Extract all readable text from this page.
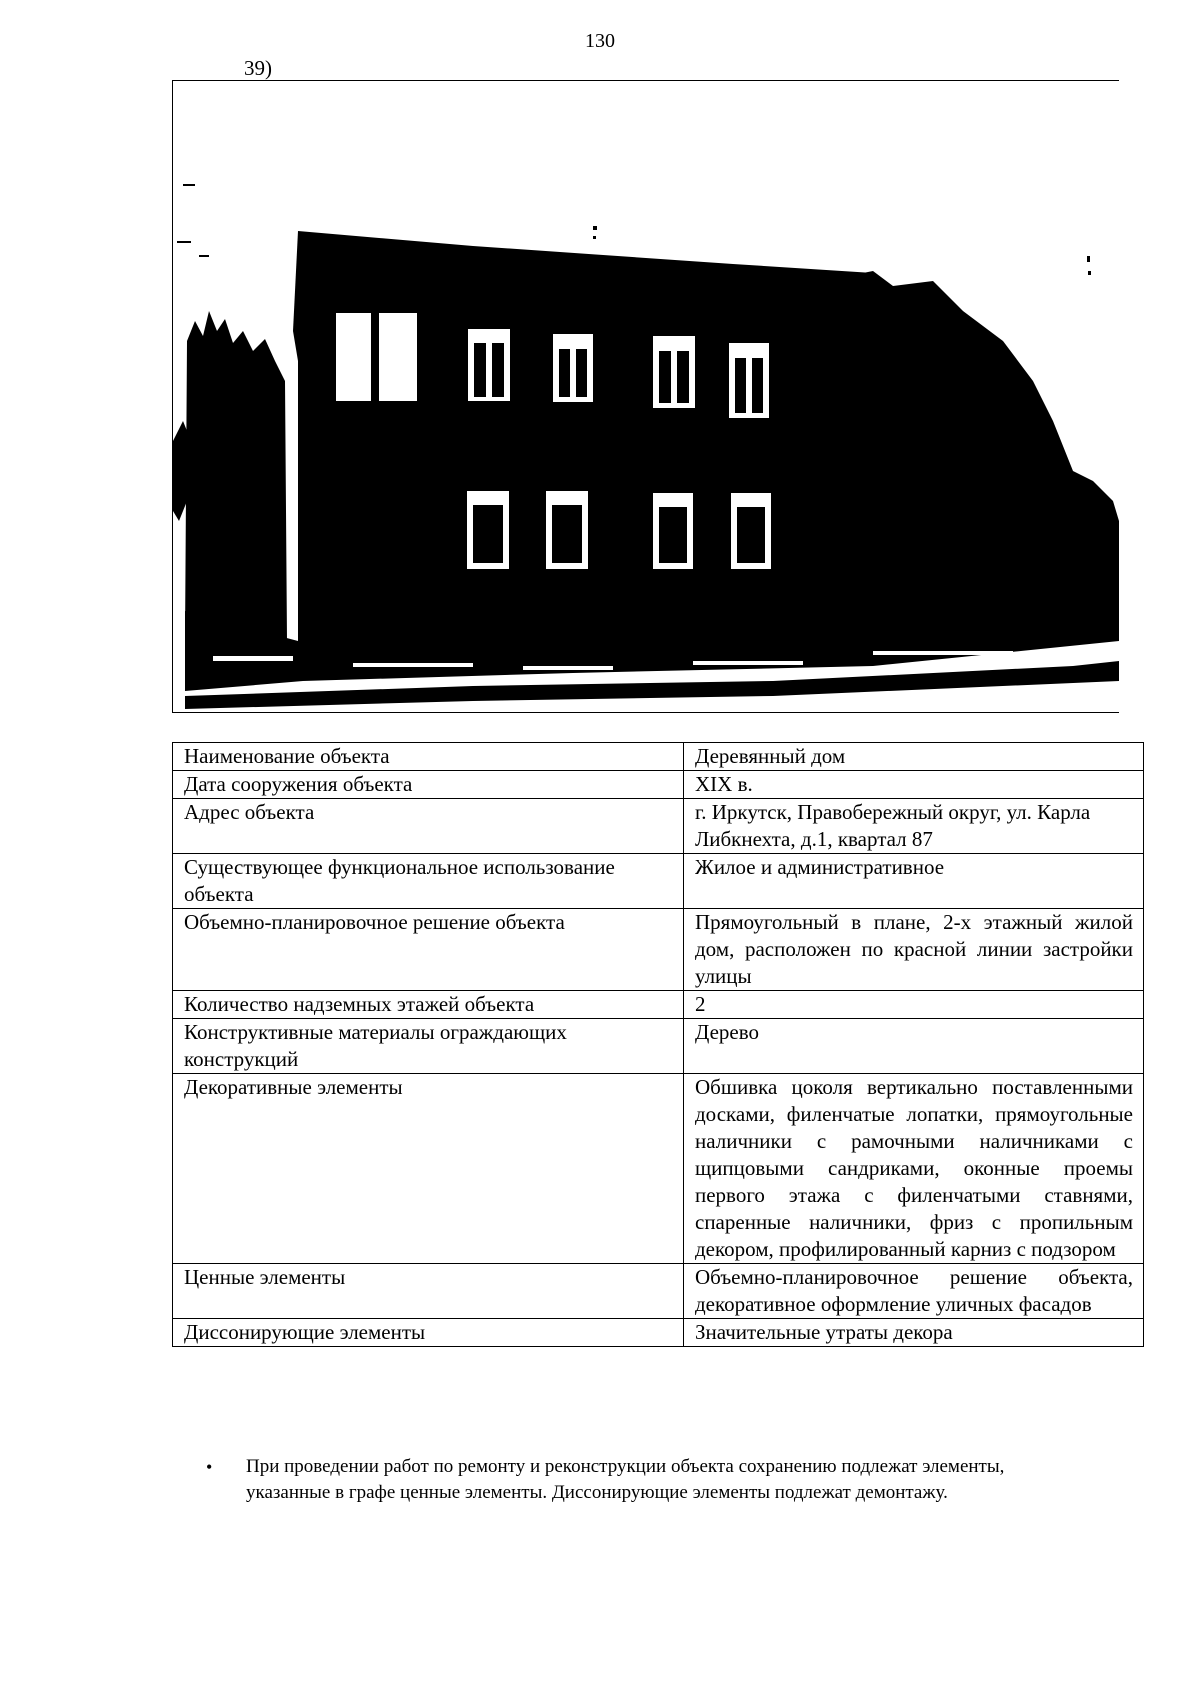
130
39)
Наименование объекта	Деревянный дом
Дата сооружения объекта	XIX в.
Адрес объекта	г. Иркутск, Правобережный округ, ул. Карла Либкнехта, д.1, квартал 87
Существующее функциональное использование объекта	Жилое и административное
Объемно-планировочное решение объекта	Прямоугольный в плане, 2-х этажный жилой дом, расположен по красной линии застройки улицы
Количество надземных этажей объекта	2
Конструктивные материалы ограждающих конструкций	Дерево
Декоративные элементы	Обшивка цоколя вертикально поставленными досками, филенчатые лопатки, прямоугольные наличники с рамочными наличниками с щипцовыми сандриками, оконные проемы первого этажа с филенчатыми ставнями, спаренные наличники, фриз с пропильным декором, профилированный карниз с подзором
Ценные элементы	Объемно-планировочное решение объекта, декоративное оформление уличных фасадов
Диссонирующие элементы	Значительные утраты декора
• При проведении работ по ремонту и реконструкции объекта сохранению подлежат элементы, указанные в графе ценные элементы. Диссонирующие элементы подлежат демонтажу.
